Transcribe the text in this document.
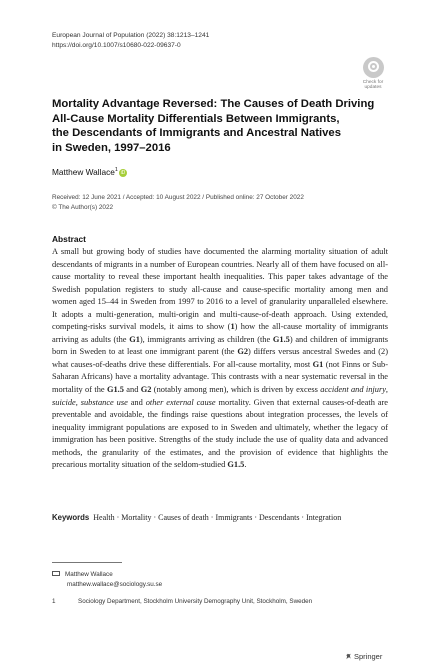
European Journal of Population (2022) 38:1213–1241
https://doi.org/10.1007/s10680-022-09637-0
Check for
updates
Mortality Advantage Reversed: The Causes of Death Driving
All-Cause Mortality Differentials Between Immigrants,
the Descendants of Immigrants and Ancestral Natives
in Sweden, 1997–2016
Matthew Wallace$^1$ iD
Received: 12 June 2021 / Accepted: 10 August 2022 / Published online: 27 October 2022
© The Author(s) 2022
Abstract

A small but growing body of studies have documented the alarming mortality situation of adult descendants of migrants in a number of European countries. Nearly all of them have focused on all-cause mortality to reveal these important health inequalities. This paper takes advantage of the Swedish population registers to study all-cause and cause-specific mortality among men and women aged 15–44 in Sweden from 1997 to 2016 to a level of granularity unparalleled elsewhere. It adopts a multi-generation, multi-origin and multi-cause-of-death approach. Using extended, competing-risks survival models, it aims to show (1) how the all-cause mortality of immigrants arriving as adults (the G1), immigrants arriving as children (the G1.5) and children of immigrants born in Sweden to at least one immigrant parent (the G2) differs versus ancestral Swedes and (2) what causes-of-deaths drive these differentials. For all-cause mortality, most G1 (not Finns or Sub-Saharan Africans) have a mortality advantage. This contrasts with a near systematic reversal in the mortality of the G1.5 and G2 (notably among men), which is driven by excess accident and injury, suicide, substance use and other external cause mortality. Given that external causes-of-death are preventable and avoidable, the findings raise questions about integration processes, the levels of inequality immigrant populations are exposed to in Sweden and ultimately, whether the legacy of immigration has been positive. Strengths of the study include the use of quality data and advanced methods, the granularity of the estimates, and the provision of evidence that highlights the precarious mortality situation of the seldom-studied G1.5.

Keywords Health · Mortality · Causes of death · Immigrants · Descendants · Integration
Matthew Wallace
matthew.wallace@sociology.su.se
1	Sociology Department, Stockholm University Demography Unit, Stockholm, Sweden
Springer
